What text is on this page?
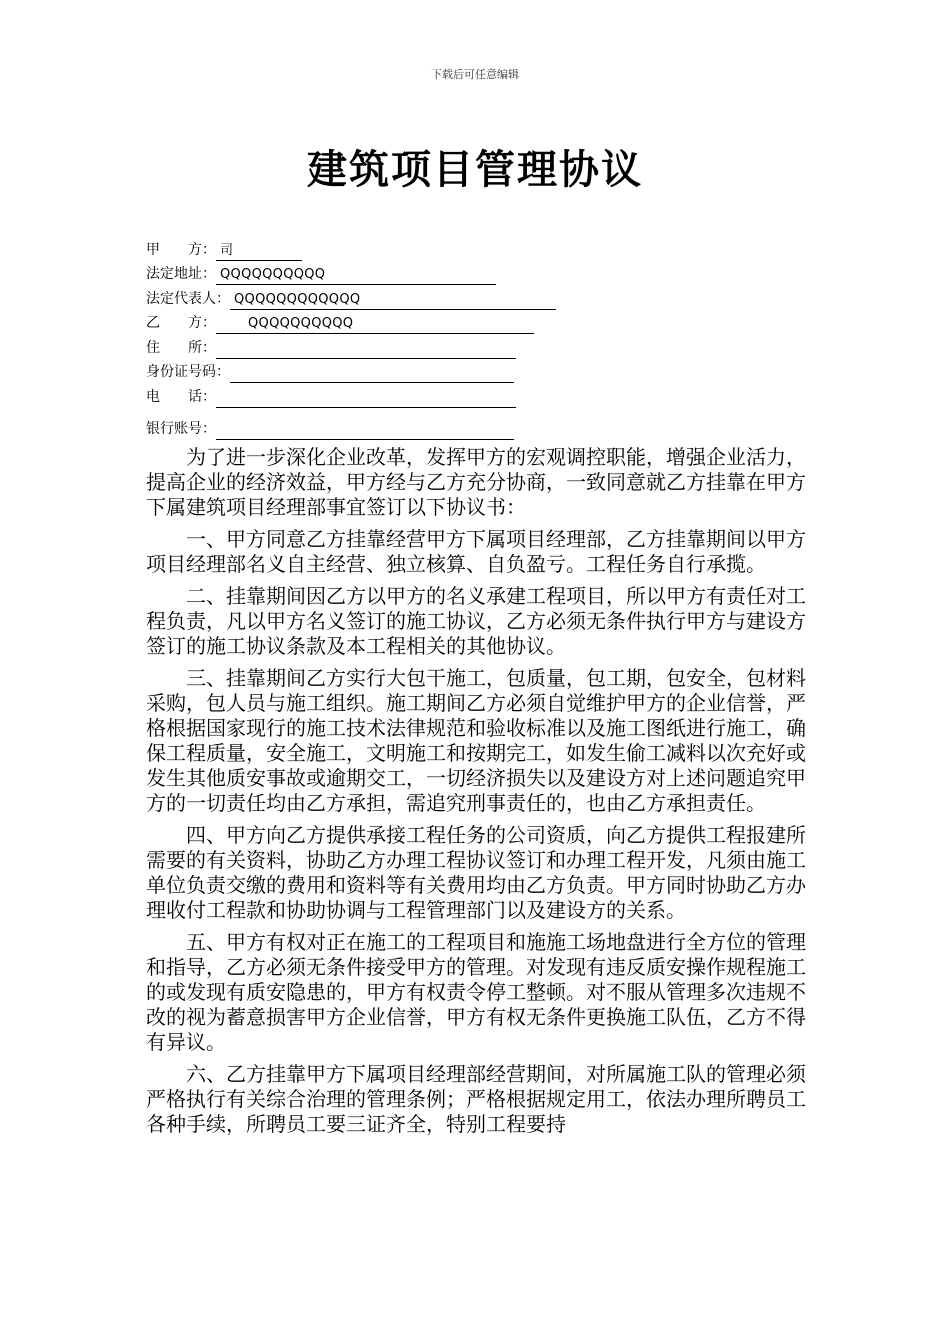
下载后可任意编辑
建筑项目管理协议
甲　　方： 司
法定地址： QQQQQQQQQQ
法定代表人： QQQQQQQQQQQQ
乙　　方：	QQQQQQQQQQ
住　　所：
身份证号码：
电　　话：
银行账号：

为了进一步深化企业改革，发挥甲方的宏观调控职能，增强企业活力，提高企业的经济效益，甲方经与乙方充分协商，一致同意就乙方挂靠在甲方下属建筑项目经理部事宜签订以下协议书：

一、甲方同意乙方挂靠经营甲方下属项目经理部，乙方挂靠期间以甲方项目经理部名义自主经营、独立核算、自负盈亏。工程任务自行承揽。

二、挂靠期间因乙方以甲方的名义承建工程项目，所以甲方有责任对工程负责，凡以甲方名义签订的施工协议，乙方必须无条件执行甲方与建设方签订的施工协议条款及本工程相关的其他协议。

三、挂靠期间乙方实行大包干施工，包质量，包工期，包安全，包材料采购，包人员与施工组织。施工期间乙方必须自觉维护甲方的企业信誉，严格根据国家现行的施工技术法律规范和验收标准以及施工图纸进行施工，确保工程质量，安全施工，文明施工和按期完工，如发生偷工减料以次充好或发生其他质安事故或逾期交工，一切经济损失以及建设方对上述问题追究甲方的一切责任均由乙方承担，需追究刑事责任的，也由乙方承担责任。

四、甲方向乙方提供承接工程任务的公司资质，向乙方提供工程报建所需要的有关资料，协助乙方办理工程协议签订和办理工程开发，凡须由施工单位负责交缴的费用和资料等有关费用均由乙方负责。甲方同时协助乙方办理收付工程款和协助协调与工程管理部门以及建设方的关系。

五、甲方有权对正在施工的工程项目和施施工场地盘进行全方位的管理和指导，乙方必须无条件接受甲方的管理。对发现有违反质安操作规程施工的或发现有质安隐患的，甲方有权责令停工整顿。对不服从管理多次违规不改的视为蓄意损害甲方企业信誉，甲方有权无条件更换施工队伍，乙方不得有异议。

六、乙方挂靠甲方下属项目经理部经营期间，对所属施工队的管理必须严格执行有关综合治理的管理条例；严格根据规定用工，依法办理所聘员工各种手续，所聘员工要三证齐全，特别工程要持
